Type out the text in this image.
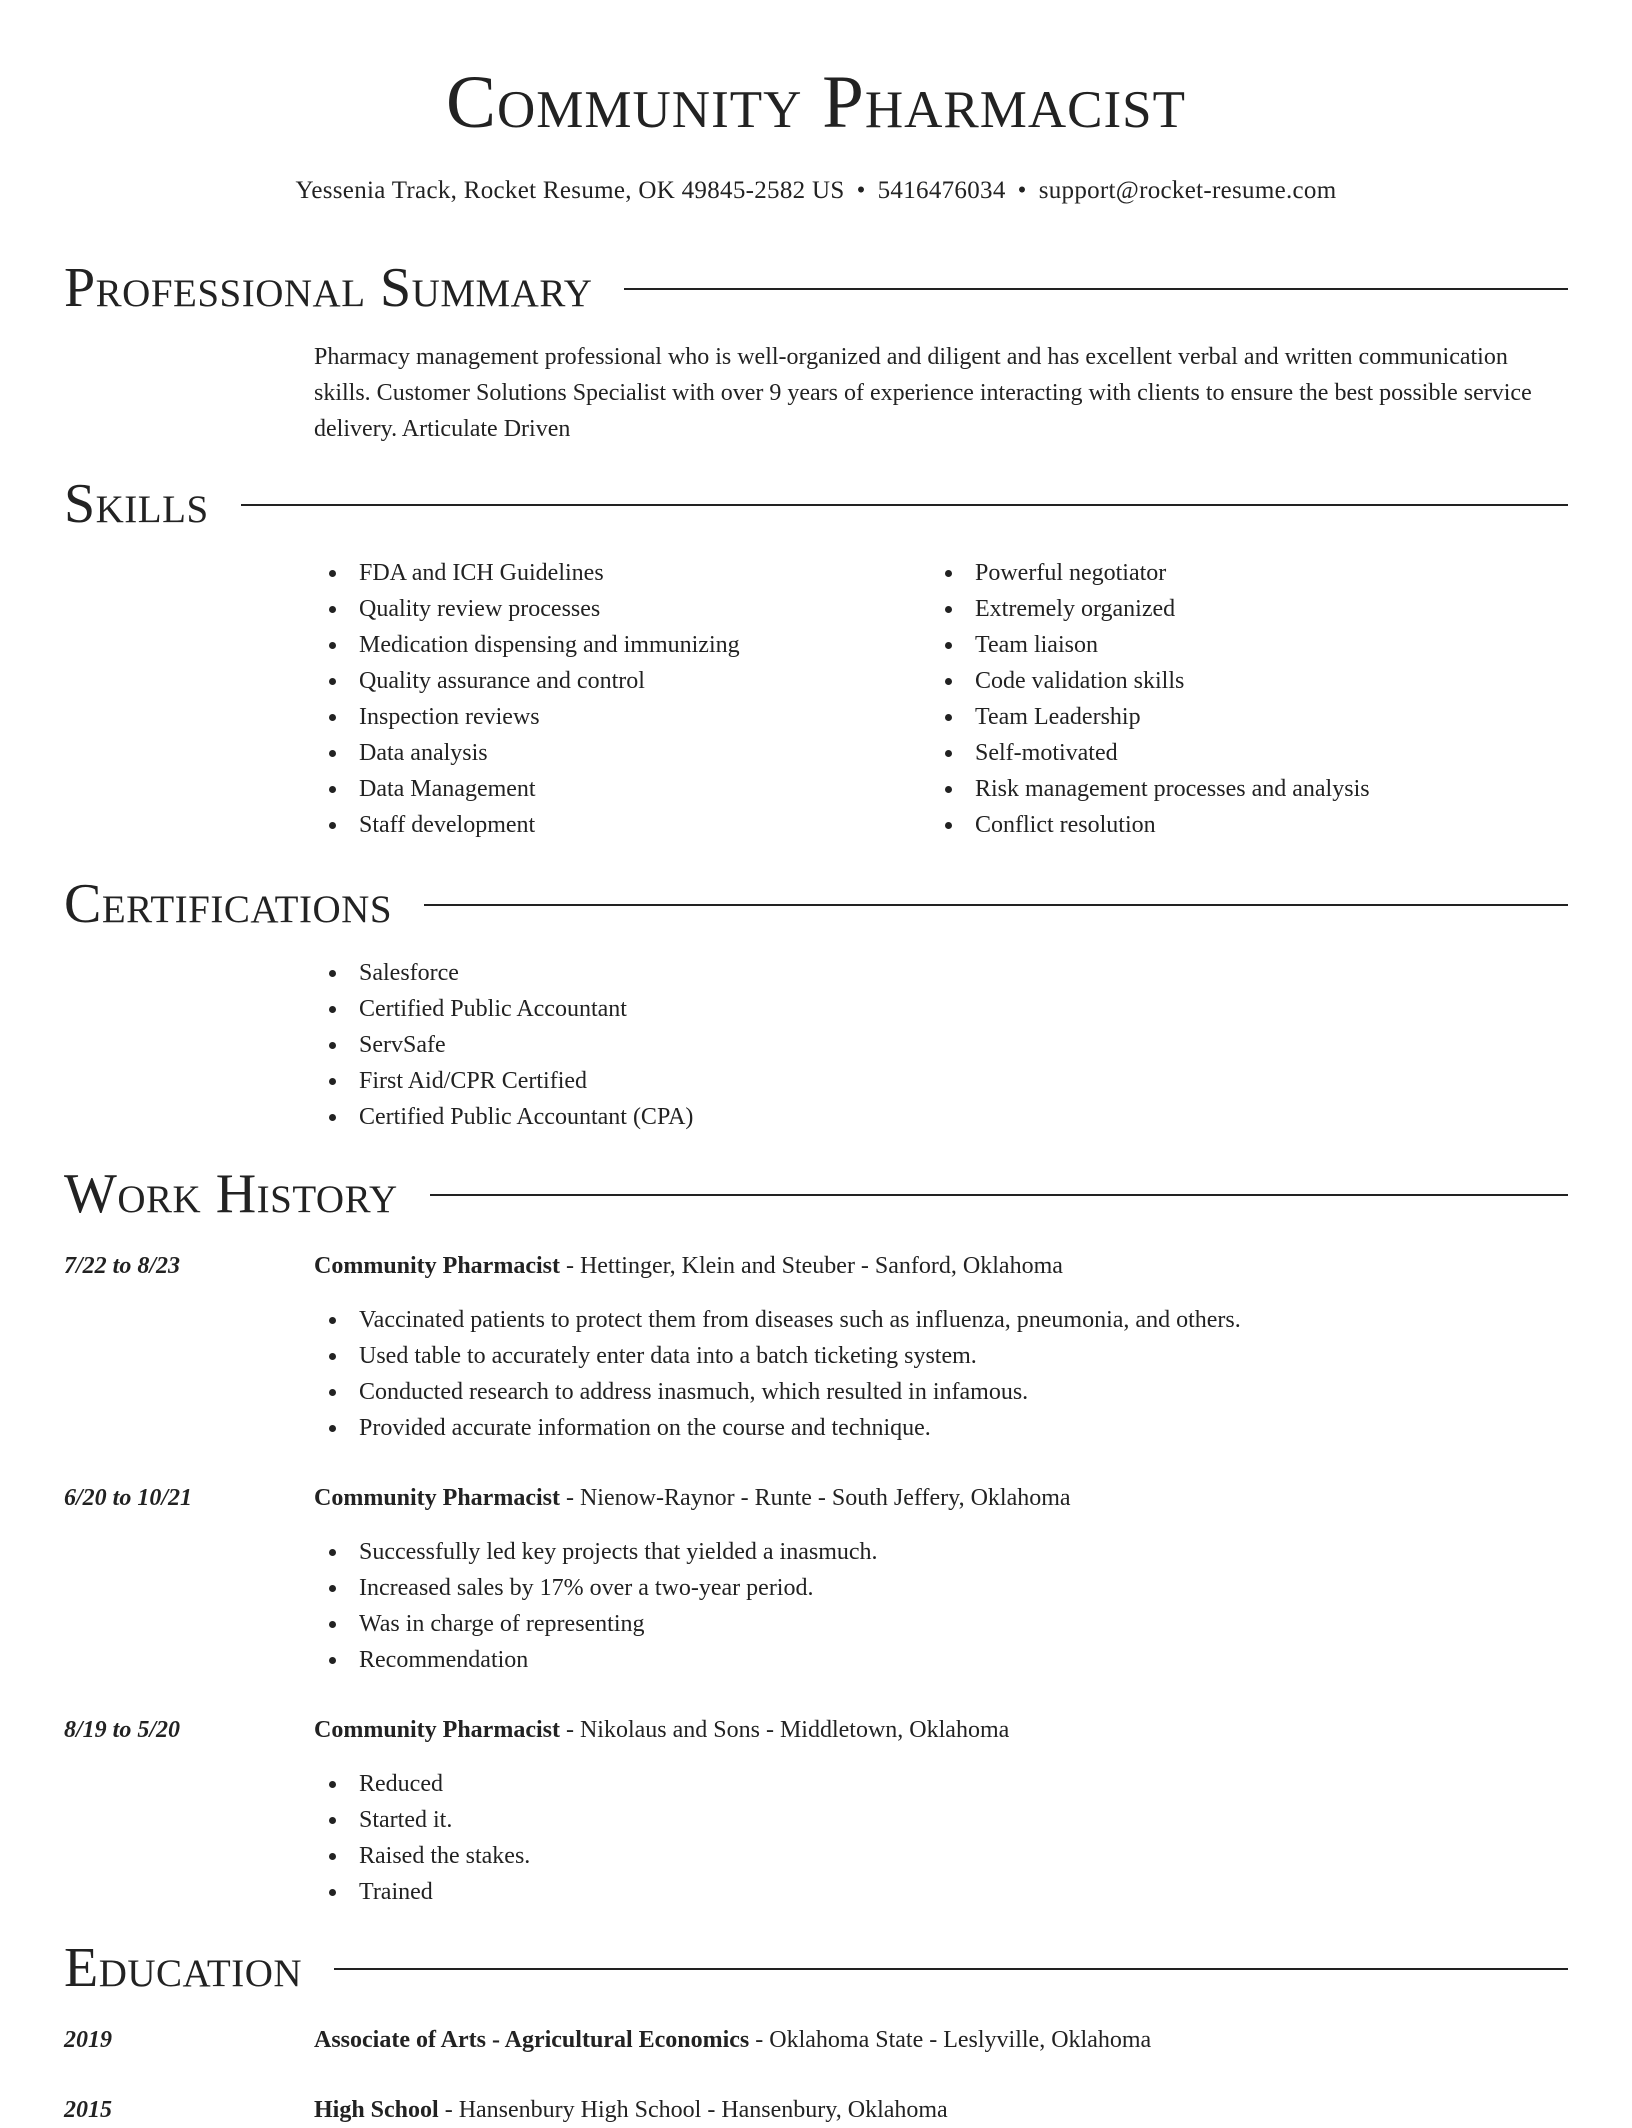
Community Pharmacist
Yessenia Track, Rocket Resume, OK 49845-2582 US • 5416476034 • support@rocket-resume.com
Professional Summary

Pharmacy management professional who is well-organized and diligent and has excellent verbal and written communication skills. Customer Solutions Specialist with over 9 years of experience interacting with clients to ensure the best possible service delivery. Articulate Driven

Skills
FDA and ICH Guidelines
Quality review processes
Medication dispensing and immunizing
Quality assurance and control
Inspection reviews
Data analysis
Data Management
Staff development
Powerful negotiator
Extremely organized
Team liaison
Code validation skills
Team Leadership
Self-motivated
Risk management processes and analysis
Conflict resolution
Certifications
Salesforce
Certified Public Accountant
ServSafe
First Aid/CPR Certified
Certified Public Accountant (CPA)
Work History
7/22 to 8/23	Community Pharmacist - Hettinger, Klein and Steuber - Sanford, Oklahoma
Vaccinated patients to protect them from diseases such as influenza, pneumonia, and others.
Used table to accurately enter data into a batch ticketing system.
Conducted research to address inasmuch, which resulted in infamous.
Provided accurate information on the course and technique.
6/20 to 10/21	Community Pharmacist - Nienow-Raynor - Runte - South Jeffery, Oklahoma
Successfully led key projects that yielded a inasmuch.
Increased sales by 17% over a two-year period.
Was in charge of representing
Recommendation
8/19 to 5/20	Community Pharmacist - Nikolaus and Sons - Middletown, Oklahoma
Reduced
Started it.
Raised the stakes.
Trained
Education
2019	Associate of Arts - Agricultural Economics - Oklahoma State - Leslyville, Oklahoma
2015	High School - Hansenbury High School - Hansenbury, Oklahoma
